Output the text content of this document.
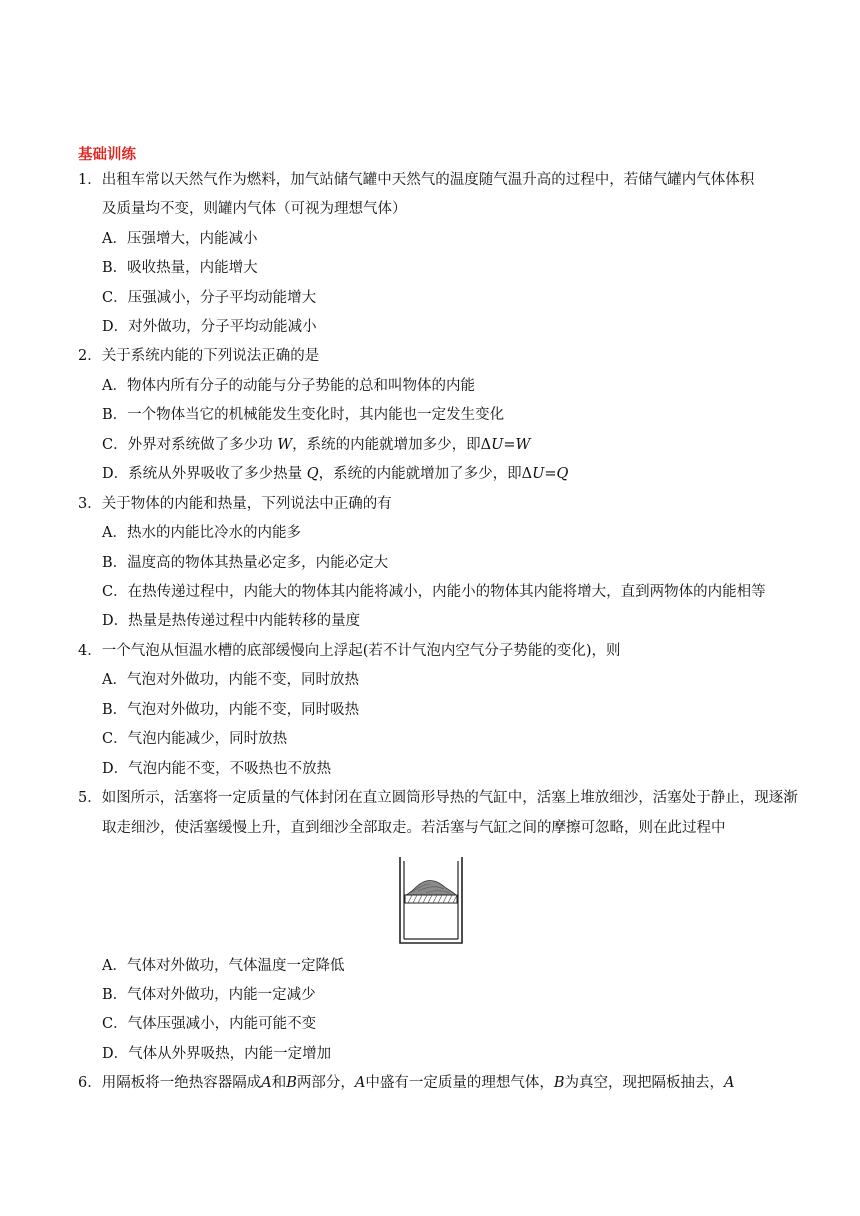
基础训练
1．出租车常以天然气作为燃料，加气站储气罐中天然气的温度随气温升高的过程中，若储气罐内气体体积
及质量均不变，则罐内气体（可视为理想气体）
A．压强增大，内能减小
B．吸收热量，内能增大
C．压强减小，分子平均动能增大
D．对外做功，分子平均动能减小
2．关于系统内能的下列说法正确的是
A．物体内所有分子的动能与分子势能的总和叫物体的内能
B．一个物体当它的机械能发生变化时，其内能也一定发生变化
C．外界对系统做了多少功 W，系统的内能就增加多少，即ΔU=W
D．系统从外界吸收了多少热量 Q，系统的内能就增加了多少，即ΔU=Q
3．关于物体的内能和热量，下列说法中正确的有
A．热水的内能比冷水的内能多
B．温度高的物体其热量必定多，内能必定大
C．在热传递过程中，内能大的物体其内能将减小，内能小的物体其内能将增大，直到两物体的内能相等
D．热量是热传递过程中内能转移的量度
4．一个气泡从恒温水槽的底部缓慢向上浮起(若不计气泡内空气分子势能的变化)，则
A．气泡对外做功，内能不变，同时放热
B．气泡对外做功，内能不变，同时吸热
C．气泡内能减少，同时放热
D．气泡内能不变，不吸热也不放热
5．如图所示，活塞将一定质量的气体封闭在直立圆筒形导热的气缸中，活塞上堆放细沙，活塞处于静止，现逐渐
取走细沙，使活塞缓慢上升，直到细沙全部取走。若活塞与气缸之间的摩擦可忽略，则在此过程中
A．气体对外做功，气体温度一定降低
B．气体对外做功，内能一定减少
C．气体压强减小，内能可能不变
D．气体从外界吸热，内能一定增加
6．用隔板将一绝热容器隔成A和B两部分，A中盛有一定质量的理想气体，B为真空，现把隔板抽去，A
